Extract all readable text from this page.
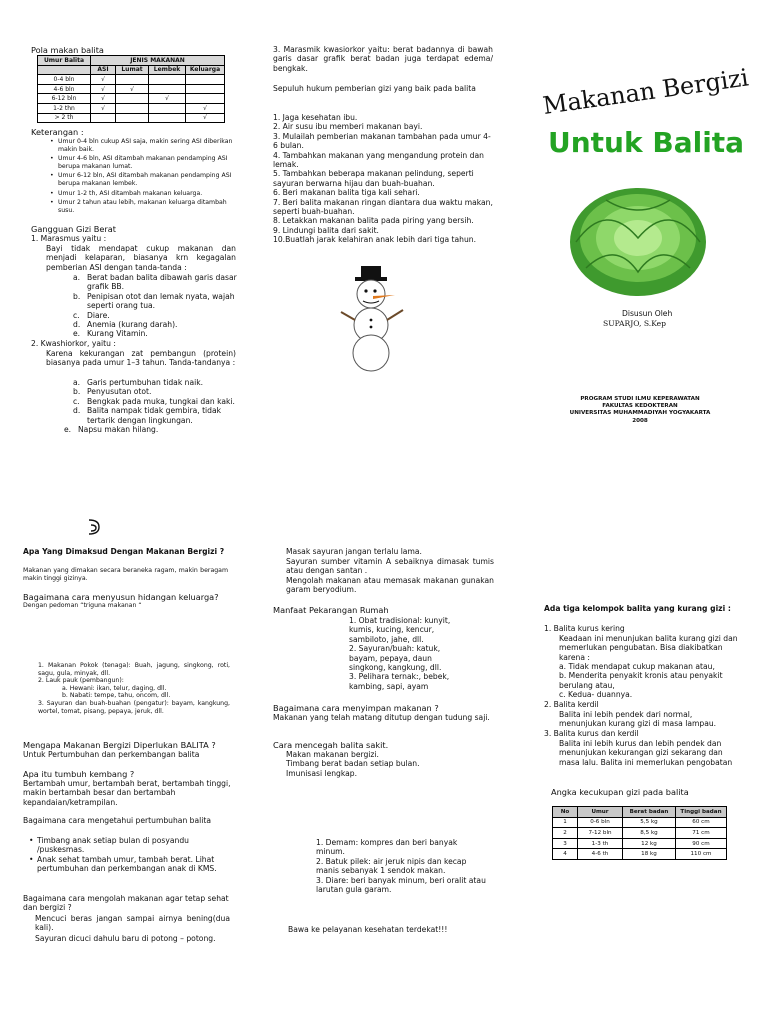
Pola makan balita
Umur Balita	JENIS MAKANAN			
	ASI	Lumat	Lembek	Keluarga
0-4 bln	√			
4-6 bln	√	√		
6-12 bln	√		√	
1-2 thn	√			√
> 2 th				√
Keterangan :
• Umur 0-4 bln cukup ASI saja, makin sering ASI diberikan makin baik.
• Umur 4-6 bln, ASI ditambah makanan pendamping ASI berupa makanan lumat.
• Umur 6-12 bln, ASI ditambah makanan pendamping ASI berupa makanan lembek.
• Umur 1-2 th, ASI ditambah makanan keluarga.
• Umur 2 tahun atau lebih, makanan keluarga ditambah susu.
Gangguan Gizi Berat
1. Marasmus yaitu :
Bayi tidak mendapat cukup makanan dan menjadi kelaparan, biasanya krn kegagalan pemberian ASI dengan tanda-tanda :
a. Berat badan balita dibawah garis dasar grafik BB.
b. Penipisan otot dan lemak nyata, wajah seperti orang tua.
c. Diare.
d. Anemia (kurang darah).
e. Kurang Vitamin.
2. Kwashiorkor, yaitu :
Karena kekurangan zat pembangun (protein) biasanya pada umur 1–3 tahun. Tanda-tandanya :
a. Garis pertumbuhan tidak naik.
b. Penyusutan otot.
c. Bengkak pada muka, tungkai dan kaki.
d. Balita nampak tidak gembira, tidak tertarik dengan lingkungan.
e. Napsu makan hilang.
3. Marasmik kwasiorkor yaitu: berat badannya di bawah garis dasar grafik berat badan juga terdapat edema/ bengkak.
Sepuluh hukum pemberian gizi yang baik pada balita
1. Jaga kesehatan ibu.
2. Air susu ibu memberi makanan bayi.
3. Mulailah pemberian makanan tambahan pada umur 4-6 bulan.
4. Tambahkan makanan yang mengandung protein dan lemak.
5. Tambahkan beberapa makanan pelindung, seperti sayuran berwarna hijau dan buah-buahan.
6. Beri makanan balita tiga kali sehari.
7. Beri balita makanan ringan diantara dua waktu makan, seperti buah-buahan.
8. Letakkan makanan balita pada piring yang bersih.
9. Lindungi balita dari sakit.
10.Buatlah jarak kelahiran anak lebih dari tiga tahun.
Makanan Bergizi
Untuk Balita
Disusun Oleh
SUPARJO, S.Kep
PROGRAM STUDI ILMU KEPERAWATAN
FAKULTAS KEDOKTERAN
UNIVERSITAS MUHAMMADIYAH YOGYAKARTA
2008
Apa Yang Dimaksud Dengan Makanan Bergizi ?
Makanan yang dimakan secara beraneka ragam, makin beragam makin tinggi gizinya.
Bagaimana cara menyusun hidangan keluarga?
Dengan pedoman “triguna makanan “
1. Makanan Pokok (tenaga): Buah, jagung, singkong, roti, sagu, gula, minyak, dll.
2. Lauk pauk (pembangun):
a. Hewani: ikan, telur, daging, dll.
b. Nabati: tempe, tahu, oncom, dll.
3. Sayuran dan buah-buahan (pengatur): bayam, kangkung, wortel, tomat, pisang, pepaya, jeruk, dll.
Mengapa Makanan Bergizi Diperlukan BALITA ?
Untuk Pertumbuhan dan perkembangan balita
Apa itu tumbuh kembang ?
Bertambah umur, bertambah berat, bertambah tinggi, makin bertambah besar dan bertambah kepandaian/ketrampilan.
Bagaimana cara mengetahui pertumbuhan balita
• Timbang anak setiap bulan di posyandu /puskesmas.
• Anak sehat tambah umur, tambah berat. Lihat pertumbuhan dan perkembangan anak di KMS.
Bagaimana cara mengolah makanan agar tetap sehat dan bergizi ?
Mencuci beras jangan sampai airnya bening(dua kali).
Sayuran dicuci dahulu baru di potong – potong.
Masak sayuran jangan terlalu lama.
Sayuran sumber vitamin A sebaiknya dimasak tumis atau dengan santan .
Mengolah makanan atau memasak makanan gunakan garam beryodium.
Manfaat Pekarangan Rumah
1. Obat tradisional: kunyit, kumis, kucing, kencur, sambiloto, jahe, dll.
2. Sayuran/buah: katuk, bayam, pepaya, daun singkong, kangkung, dll.
3. Pelihara ternak:, bebek, kambing, sapi, ayam
Bagaimana cara menyimpan makanan ?
Makanan yang telah matang ditutup dengan tudung saji.
Cara mencegah balita sakit.
Makan makanan bergizi.
Timbang berat badan setiap bulan.
Imunisasi lengkap.
1. Demam: kompres dan beri banyak minum.
2. Batuk pilek: air jeruk nipis dan kecap manis sebanyak 1 sendok makan.
3. Diare: beri banyak minum, beri oralit atau larutan gula garam.
Bawa ke pelayanan kesehatan terdekat!!!
Ada tiga kelompok balita yang kurang gizi :
1. Balita kurus kering
Keadaan ini menunjukan balita kurang gizi dan memerlukan pengubatan. Bisa diakibatkan karena :
a. Tidak mendapat cukup makanan atau,
b. Menderita penyakit kronis atau penyakit berulang atau,
c. Kedua- duannya.
2. Balita kerdil
Balita ini lebih pendek dari normal, menunjukan kurang gizi di masa lampau.
3. Balita kurus dan kerdil
Balita ini lebih kurus dan lebih pendek dan menunjukan kekurangan gizi sekarang dan masa lalu. Balita ini memerlukan pengobatan
Angka kecukupan gizi pada balita
No	Umur	Berat badan	Tinggi badan
1	0-6 bln	5,5 kg	60 cm
2	7-12 bln	8,5 kg	71 cm
3	1-3 th	12 kg	90 cm
4	4-6 th	18 kg	110 cm
